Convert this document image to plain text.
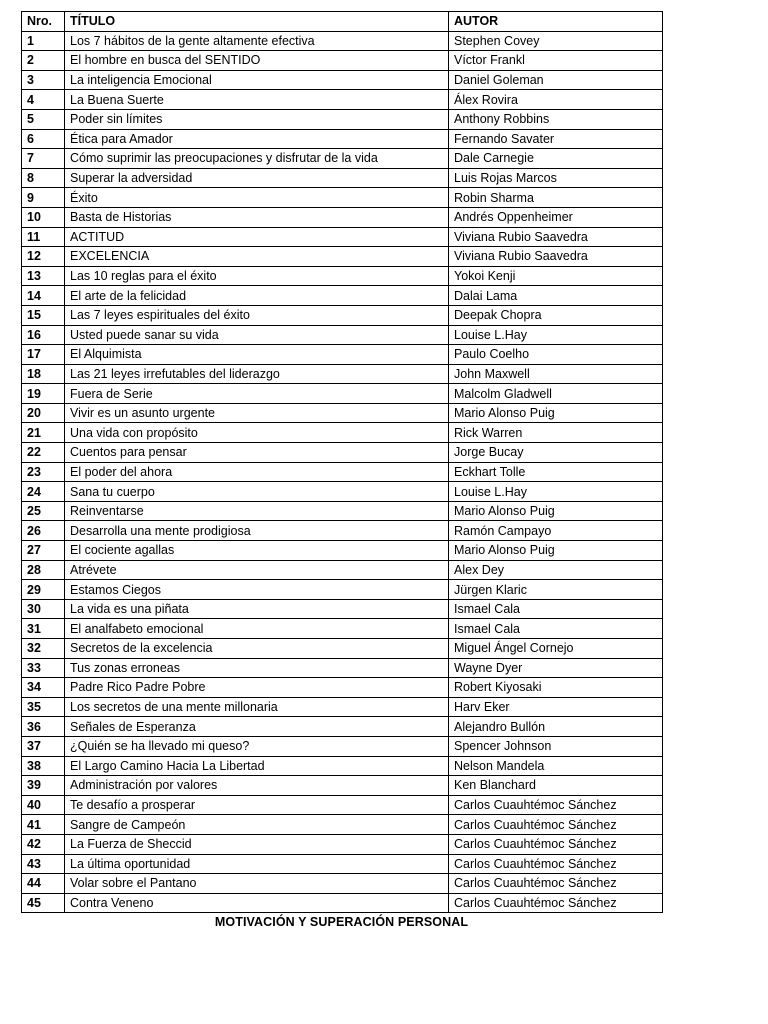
Nro.	TÍTULO	AUTOR
1	Los 7 hábitos de la gente altamente efectiva	Stephen Covey
2	El hombre en busca del SENTIDO	Víctor Frankl
3	La inteligencia Emocional	Daniel Goleman
4	La Buena Suerte	Álex Rovira
5	Poder sin límites	Anthony Robbins
6	Ética para Amador	Fernando Savater
7	Cómo suprimir las preocupaciones y disfrutar de la vida	Dale Carnegie
8	Superar la adversidad	Luis Rojas Marcos
9	Éxito	Robin Sharma
10	Basta de Historias	Andrés Oppenheimer
11	ACTITUD	Viviana Rubio Saavedra
12	EXCELENCIA	Viviana Rubio Saavedra
13	Las 10 reglas para el éxito	Yokoi Kenji
14	El arte de la felicidad	Dalai Lama
15	Las 7 leyes espirituales del éxito	Deepak Chopra
16	Usted puede sanar su vida	Louise L.Hay
17	El Alquimista	Paulo Coelho
18	Las 21 leyes irrefutables del liderazgo	John Maxwell
19	Fuera de Serie	Malcolm Gladwell
20	Vivir es un asunto urgente	Mario Alonso Puig
21	Una vida con propósito	Rick Warren
22	Cuentos para pensar	Jorge Bucay
23	El poder del ahora	Eckhart Tolle
24	Sana tu cuerpo	Louise L.Hay
25	Reinventarse	Mario Alonso Puig
26	Desarrolla una mente prodigiosa	Ramón Campayo
27	El cociente agallas	Mario Alonso Puig
28	Atrévete	Alex Dey
29	Estamos Ciegos	Jürgen Klaric
30	La vida es una piñata	Ismael Cala
31	El analfabeto emocional	Ismael Cala
32	Secretos de la excelencia	Miguel Ángel Cornejo
33	Tus zonas erroneas	Wayne Dyer
34	Padre Rico Padre Pobre	Robert Kiyosaki
35	Los secretos de una mente millonaria	Harv Eker
36	Señales de Esperanza	Alejandro Bullón
37	¿Quién se ha llevado mi queso?	Spencer Johnson
38	El Largo Camino Hacia La Libertad	Nelson Mandela
39	Administración por valores	Ken Blanchard
40	Te desafío a prosperar	Carlos Cuauhtémoc Sánchez
41	Sangre de Campeón	Carlos Cuauhtémoc Sánchez
42	La Fuerza de Sheccid	Carlos Cuauhtémoc Sánchez
43	La última oportunidad	Carlos Cuauhtémoc Sánchez
44	Volar sobre el Pantano	Carlos Cuauhtémoc Sánchez
45	Contra Veneno	Carlos Cuauhtémoc Sánchez
MOTIVACIÓN Y SUPERACIÓN PERSONAL
